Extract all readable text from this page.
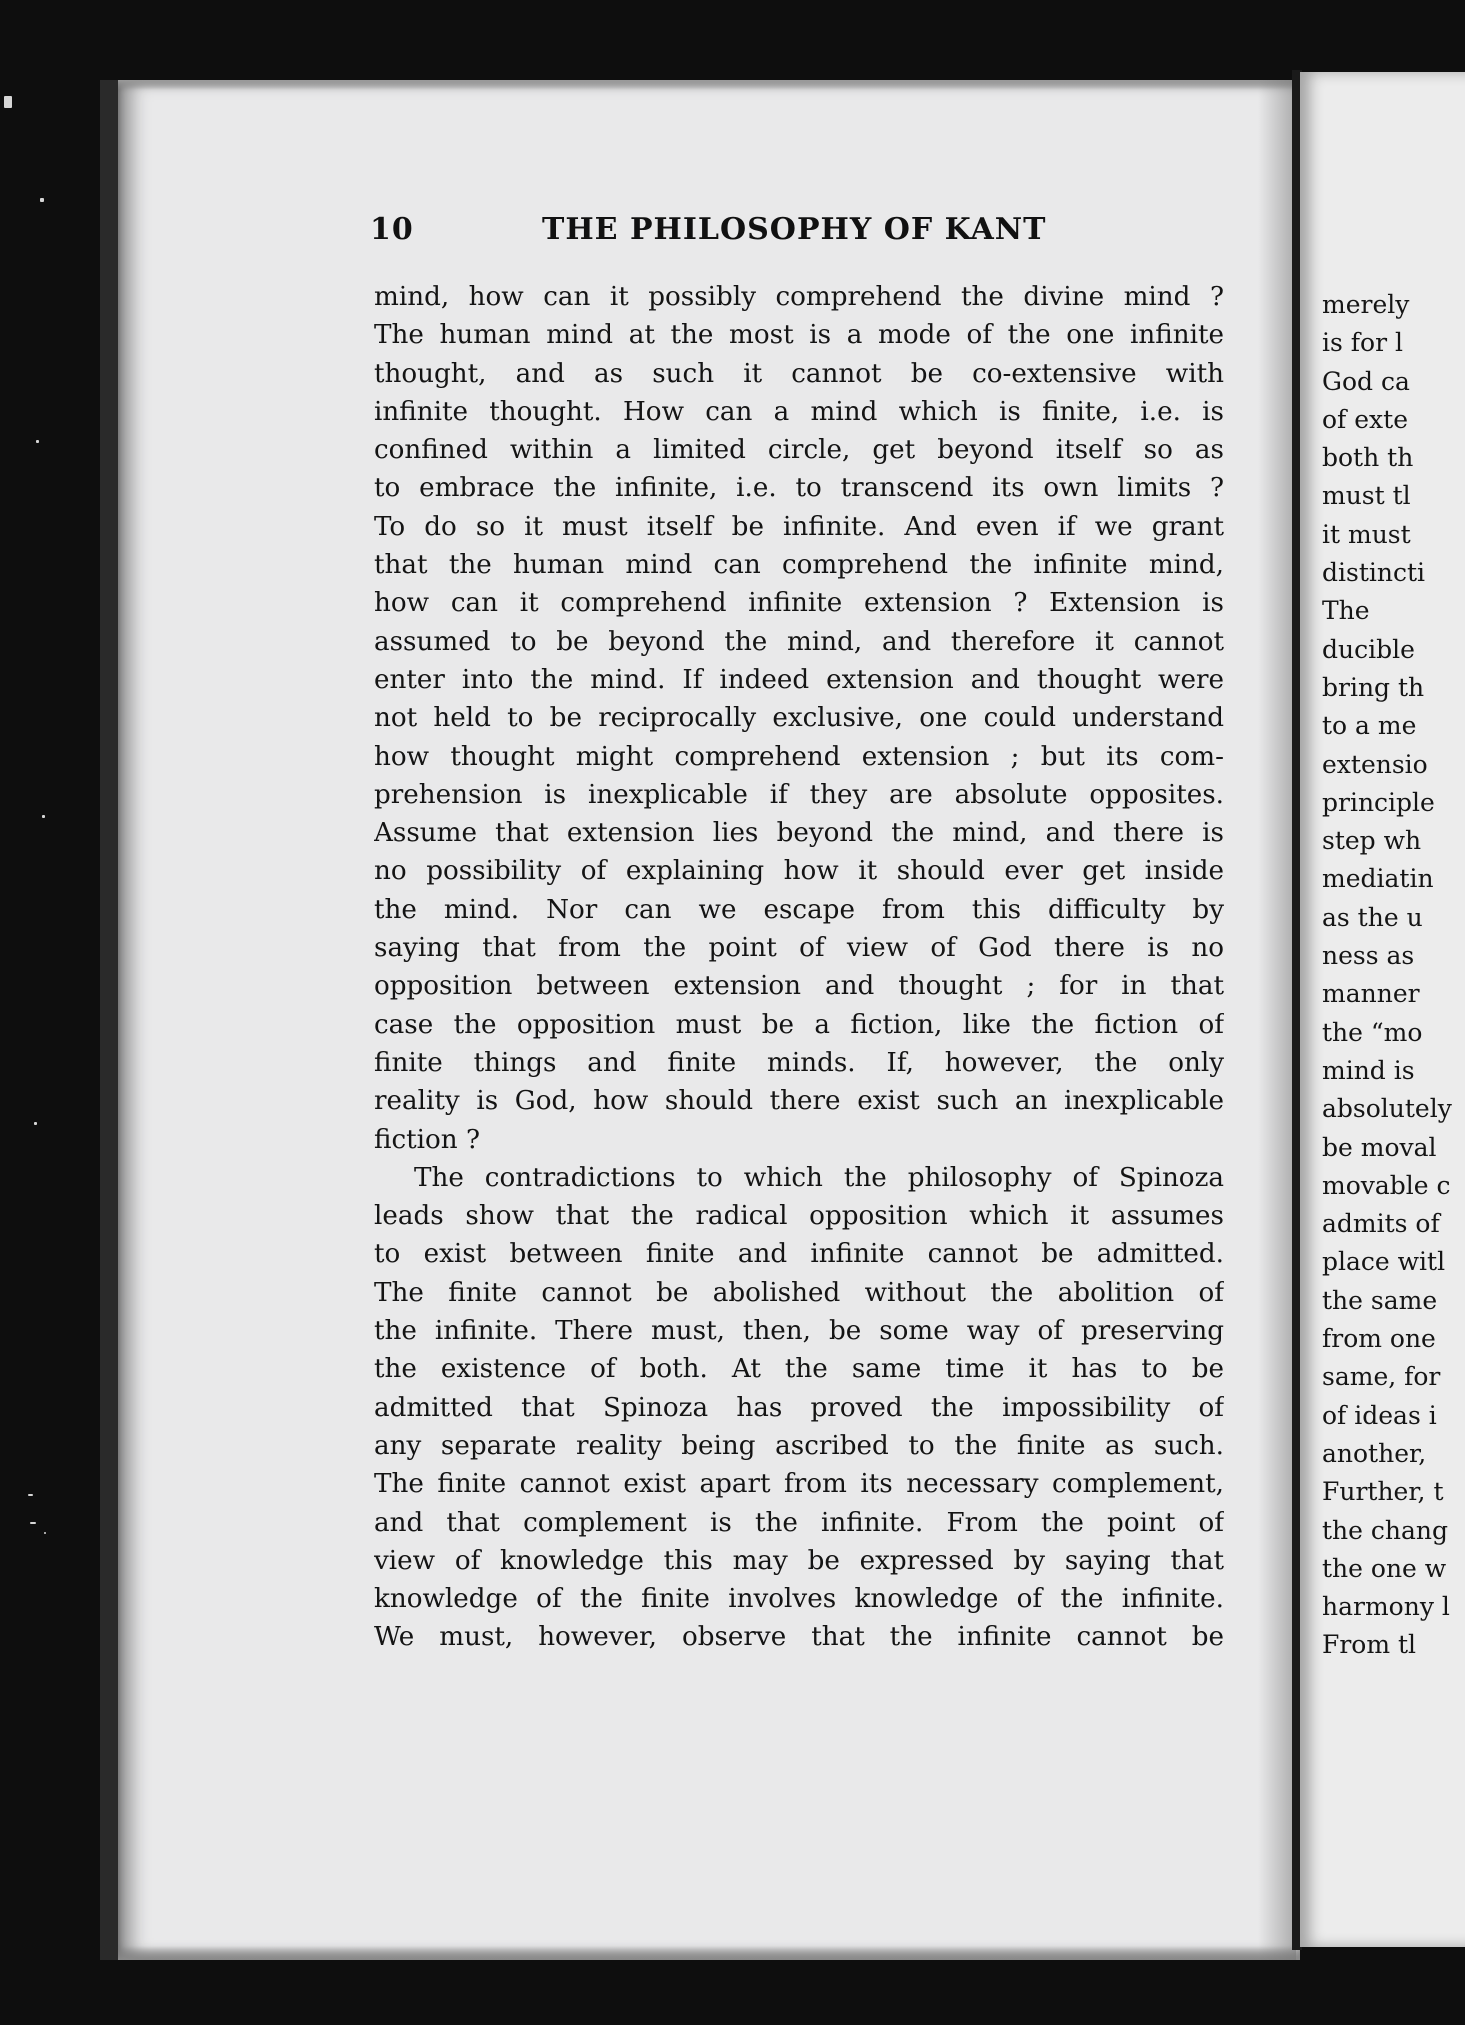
10	THE PHILOSOPHY OF KANT
mind, how can it possibly comprehend the divine mind ?
The human mind at the most is a mode of the one infinite
thought, and as such it cannot be co-extensive with
infinite thought. How can a mind which is finite, i.e. is
confined within a limited circle, get beyond itself so as
to embrace the infinite, i.e. to transcend its own limits ?
To do so it must itself be infinite. And even if we grant
that the human mind can comprehend the infinite mind,
how can it comprehend infinite extension ? Extension is
assumed to be beyond the mind, and therefore it cannot
enter into the mind. If indeed extension and thought were
not held to be reciprocally exclusive, one could understand
how thought might comprehend extension ; but its com-
prehension is inexplicable if they are absolute opposites.
Assume that extension lies beyond the mind, and there is
no possibility of explaining how it should ever get inside
the mind. Nor can we escape from this difficulty by
saying that from the point of view of God there is no
opposition between extension and thought ; for in that
case the opposition must be a fiction, like the fiction of
finite things and finite minds. If, however, the only
reality is God, how should there exist such an inexplicable
fiction ?
The contradictions to which the philosophy of Spinoza
leads show that the radical opposition which it assumes
to exist between finite and infinite cannot be admitted.
The finite cannot be abolished without the abolition of
the infinite. There must, then, be some way of preserving
the existence of both. At the same time it has to be
admitted that Spinoza has proved the impossibility of
any separate reality being ascribed to the finite as such.
The finite cannot exist apart from its necessary complement,
and that complement is the infinite. From the point of
view of knowledge this may be expressed by saying that
knowledge of the finite involves knowledge of the infinite.
We must, however, observe that the infinite cannot be
merely
is for l
God ca
of exte
both th
must tl
it must
distincti
The
ducible
bring th
to a me
extensio
principle
step wh
mediatin
as the u
ness as
manner
the “mo
mind is
absolutely
be moval
movable c
admits of
place witl
the same
from one
same, for
of ideas i
another,
Further, t
the chang
the one w
harmony l
From tl
